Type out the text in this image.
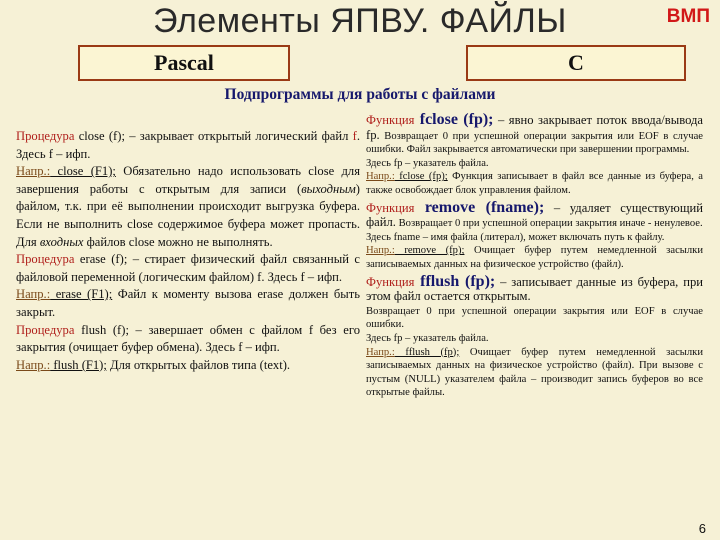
Элементы ЯПВУ. ФАЙЛЫ	ВМП
Pascal	C
Подпрограммы для работы с файлами

Процедура close (f); – закрывает открытый логический файл f. Здесь f – ифп.
Напр.: close (F1); Обязательно надо использовать close для завершения работы с открытым для записи (выходным) файлом, т.к. при её выполнении происходит выгрузка буфера. Если не выполнить close содержимое буфера может пропасть. Для входных файлов close можно не выполнять.

Процедура erase (f); – стирает физический файл связанный с файловой переменной (логическим файлом) f. Здесь f – ифп.
Напр.: erase (F1); Файл к моменту вызова erase должен быть закрыт.

Процедура flush (f); – завершает обмен с файлом f без его закрытия (очищает буфер обмена). Здесь f – ифп.
Напр.: flush (F1); Для открытых файлов типа (text).

Функция fclose (fp); – явно закрывает поток ввода/вывода fp. Возвращает 0 при успешной операции закрытия или EOF в случае ошибки. Файл закрывается автоматически при завершении программы.
Здесь fp – указатель файла.
Напр.: fclose (fp); Функция записывает в файл все данные из буфера, а также освобождает блок управления файлом.

Функция remove (fname); – удаляет существующий файл. Возвращает 0 при успешной операции закрытия иначе - ненулевое.
Здесь fname – имя файла (литерал), может включать путь к файлу.
Напр.: remove (fp); Очищает буфер путем немедленной засылки записываемых данных на физическое устройство (файл).

Функция fflush (fp); – записывает данные из буфера, при этом файл остается открытым.
Возвращает 0 при успешной операции закрытия или EOF в случае ошибки.
Здесь fp – указатель файла.
Напр.: fflush (fp); Очищает буфер путем немедленной засылки записываемых данных на физическое устройство (файл). При вызове с пустым (NULL) указателем файла – производит запись буферов во все открытые файлы.

6
